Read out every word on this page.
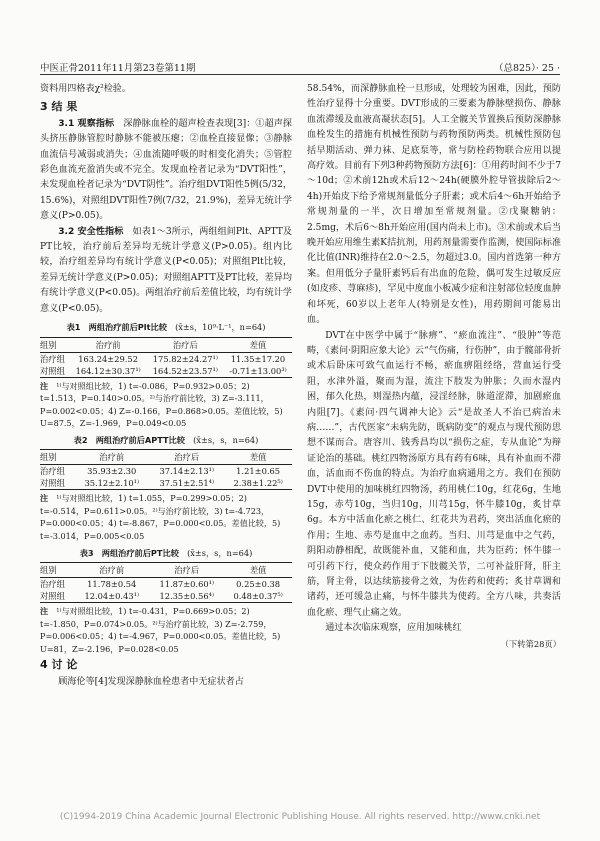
中医正骨2011年11月第23卷第11期	（总825）· 25 ·

资料用四格表χ²检验。

3 结 果

3.1 观察指标　 深静脉血栓的超声检查表现[3]：①超声探头挤压静脉管腔时静脉不能被压瘪；②血栓直接显像；③静脉血流信号减弱或消失；④血流随呼吸的时相变化消失；⑤管腔彩色血流充盈消失或不完全。发现血栓者记录为“DVT阳性”，未发现血栓者记录为“DVT阴性”。治疗组DVT阳性5例(5/32，15.6%)，对照组DVT阳性7例(7/32，21.9%)，差异无统计学意义(P>0.05)。

3.2 安全性指标　 如表1～3所示，两组组间Plt、APTT及PT比较，治疗前后差异均无统计学意义(P>0.05)。组内比较，治疗组差异均有统计学意义(P<0.05)；对照组Plt比较，差异无统计学意义(P>0.05)；对照组APTT及PT比较，差异均有统计学意义(P<0.05)。两组治疗前后差值比较，均有统计学意义(P<0.05)。

表1　 两组治疗前后Plt比较　 (x̄±s，10⁹·L⁻¹，n=64)
组别	治疗前	治疗后	差值
治疗组	163.24±29.52	175.82±24.27¹⁾	11.35±17.20
对照组	164.12±30.37¹⁾	164.52±23.57¹⁾	-0.71±13.00³⁾

注　 ¹⁾与对照组比较，1) t=-0.086，P=0.932>0.05；2) t=1.513，P=0.140>0.05。²⁾与治疗前比较，3) Z=-3.111，P=0.002<0.05；4) Z=-0.166，P=0.868>0.05。差值比较，5) U=87.5，Z=-1.969，P=0.049<0.05

表2　 两组治疗前后APTT比较　 (x̄±s，s，n=64)
组别	治疗前	治疗后	差值
治疗组	35.93±2.30	37.14±2.13¹⁾	1.21±0.65
对照组	35.12±2.10¹⁾	37.51±2.51⁴⁾	2.38±1.22⁵⁾

注　 ¹⁾与对照组比较，1) t=1.055，P=0.299>0.05；2) t=-0.514，P=0.611>0.05。²⁾与治疗前比较，3) t=-4.723，P=0.000<0.05；4) t=-8.867，P=0.000<0.05。差值比较，5) t=-3.014，P=0.005<0.05

表3　 两组治疗前后PT比较　 (x̄±s，s，n=64)
组别	治疗前	治疗后	差值
治疗组	11.78±0.54	11.87±0.60¹⁾	0.25±0.38
对照组	12.04±0.43¹⁾	12.35±0.56⁴⁾	0.48±0.37⁵⁾

注　 ¹⁾与对照组比较，1) t=-0.431，P=0.669>0.05；2) t=-1.850，P=0.074>0.05。²⁾与治疗前比较，3) Z=-2.759，P=0.006<0.05；4) t=-4.967，P=0.000<0.05。差值比较，5) U=81，Z=-2.196，P=0.028<0.05

4 讨 论

顾海伦等[4]发现深静脉血栓患者中无症状者占

58.54%，而深静脉血栓一旦形成，处理较为困难，因此，预防性治疗显得十分重要。DVT形成的三要素为静脉壁损伤、静脉血流滞缓及血液高凝状态[5]。人工全髋关节置换后预防深静脉血栓发生的措施有机械性预防与药物预防两类。机械性预防包括早期活动、弹力袜、足底泵等，常与防栓药物联合应用以提高疗效。目前有下列3种药物预防方法[6]：①用药时间不少于7～10d；②术前12h或术后12～24h(硬膜外腔导管拔除后2～4h)开始皮下给予常规剂量低分子肝素；或术后4～6h开始给予常规剂量的一半，次日增加至常规剂量。②戊聚糖钠：2.5mg，术后6～8h开始应用(国内尚未上市)。③术前或术后当晚开始应用维生素K拮抗剂，用药剂量需要作监测，使国际标准化比值(INR)维持在2.0～2.5，勿超过3.0。国内首选第一种方案。但用低分子量肝素钙后有出血的危险，偶可发生过敏反应(如皮疹、荨麻疹)，罕见中度血小板减少症和注射部位轻度血肿和坏死，60岁以上老年人(特别是女性)，用药期间可能易出血。

DVT在中医学中属于“脉痹”、“瘀血流注”、“股肿”等范畴，《素问·阴阳应象大论》云“气伤痛，行伤肿”，由于髋部骨折或术后卧床可致气血运行不畅，瘀血痹阻经络，营血运行受阻，水津外溢，聚而为湿，流注下肢发为肿胀；久而水湿内困，郁久化热，则湿热内蕴，浸淫经脉，脉道涩滞，加剧瘀血内阻[7]。《素问·四气调神大论》云“是故圣人不治已病治未病……”，古代医家“未病先防，既病防变”的观点与现代预防思想不谋而合。唐容川、钱秀昌均以“损伤之症，专从血论”为辩证论治的基础。桃红四物汤原方具有药有6味，具有补血而不滞血，活血而不伤血的特点。为治疗血病通用之方。我们在预防DVT中使用的加味桃红四物汤，药用桃仁10g，红花6g，生地15g，赤芍10g，当归10g，川芎15g，怀牛膝10g，炙甘草6g。本方中活血化瘀之桃仁、红花共为君药，突出活血化瘀的作用；生地、赤芍是血中之血药。当归、川芎是血中之气药，阴阳动静相配，故既能补血，又能和血，共为臣药；怀牛膝一可引药下行，使众药作用于下肢髋关节，二可补益肝肾，肝主筋，肾主骨，以达续筋接骨之效，为佐药和使药；炙甘草调和诸药，还可缓急止痛，与怀牛膝共为使药。全方八味，共奏活血化瘀、理气止痛之效。

通过本次临床观察，应用加味桃红

（下转第28页）
(C)1994-2019 China Academic Journal Electronic Publishing House. All rights reserved. http://www.cnki.net
